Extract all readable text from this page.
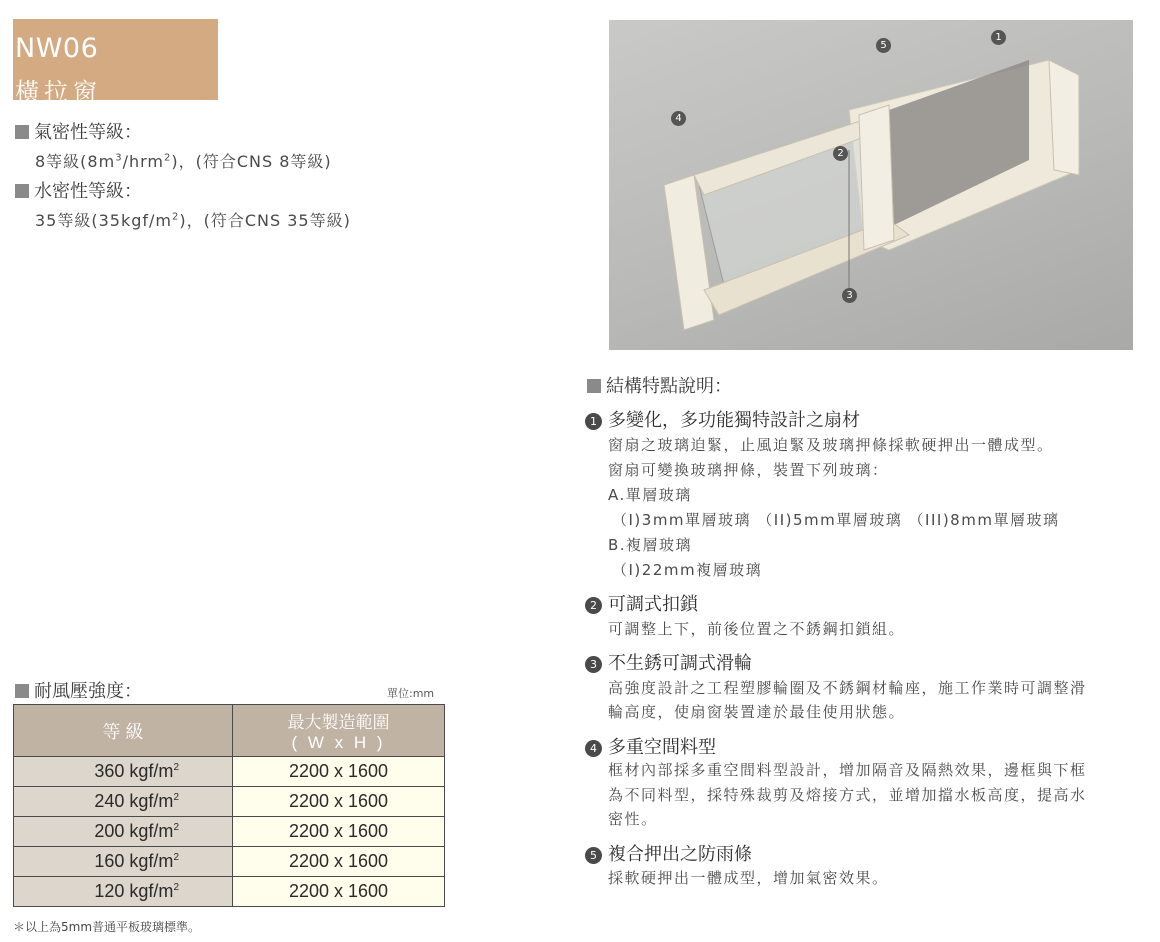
NW06
橫拉窗
氣密性等級：
8等級$(8m^3/hrm^2)$，(符合CNS 8等級)
水密性等級：
35等級$(35kgf/m^2)$，(符合CNS 35等級)
1
2
3
4
5
耐風壓強度：	單位:mm
等 級	最大製造範圍
( W x H )

360 kgf/$m^2$	2200 x 1600
240 kgf/$m^2$	2200 x 1600
200 kgf/$m^2$	2200 x 1600
160 kgf/$m^2$	2200 x 1600
120 kgf/$m^2$	2200 x 1600
＊以上為5mm普通平板玻璃標準。
結構特點說明：
1 多變化，多功能獨特設計之扇材
窗扇之玻璃迫緊，止風迫緊及玻璃押條採軟硬押出一體成型。
窗扇可變換玻璃押條，裝置下列玻璃：
A.單層玻璃
（I)3mm單層玻璃 （II)5mm單層玻璃 （III)8mm單層玻璃
B.複層玻璃
（I)22mm複層玻璃
2 可調式扣鎖
可調整上下，前後位置之不銹鋼扣鎖組。
3 不生銹可調式滑輪
高強度設計之工程塑膠輪圈及不銹鋼材輪座，施工作業時可調整滑
輪高度，使扇窗裝置達於最佳使用狀態。
4 多重空間料型
框材內部採多重空間料型設計，增加隔音及隔熱效果，邊框與下框
為不同料型，採特殊裁剪及熔接方式，並增加擋水板高度，提高水
密性。
5 複合押出之防雨條
採軟硬押出一體成型，增加氣密效果。
